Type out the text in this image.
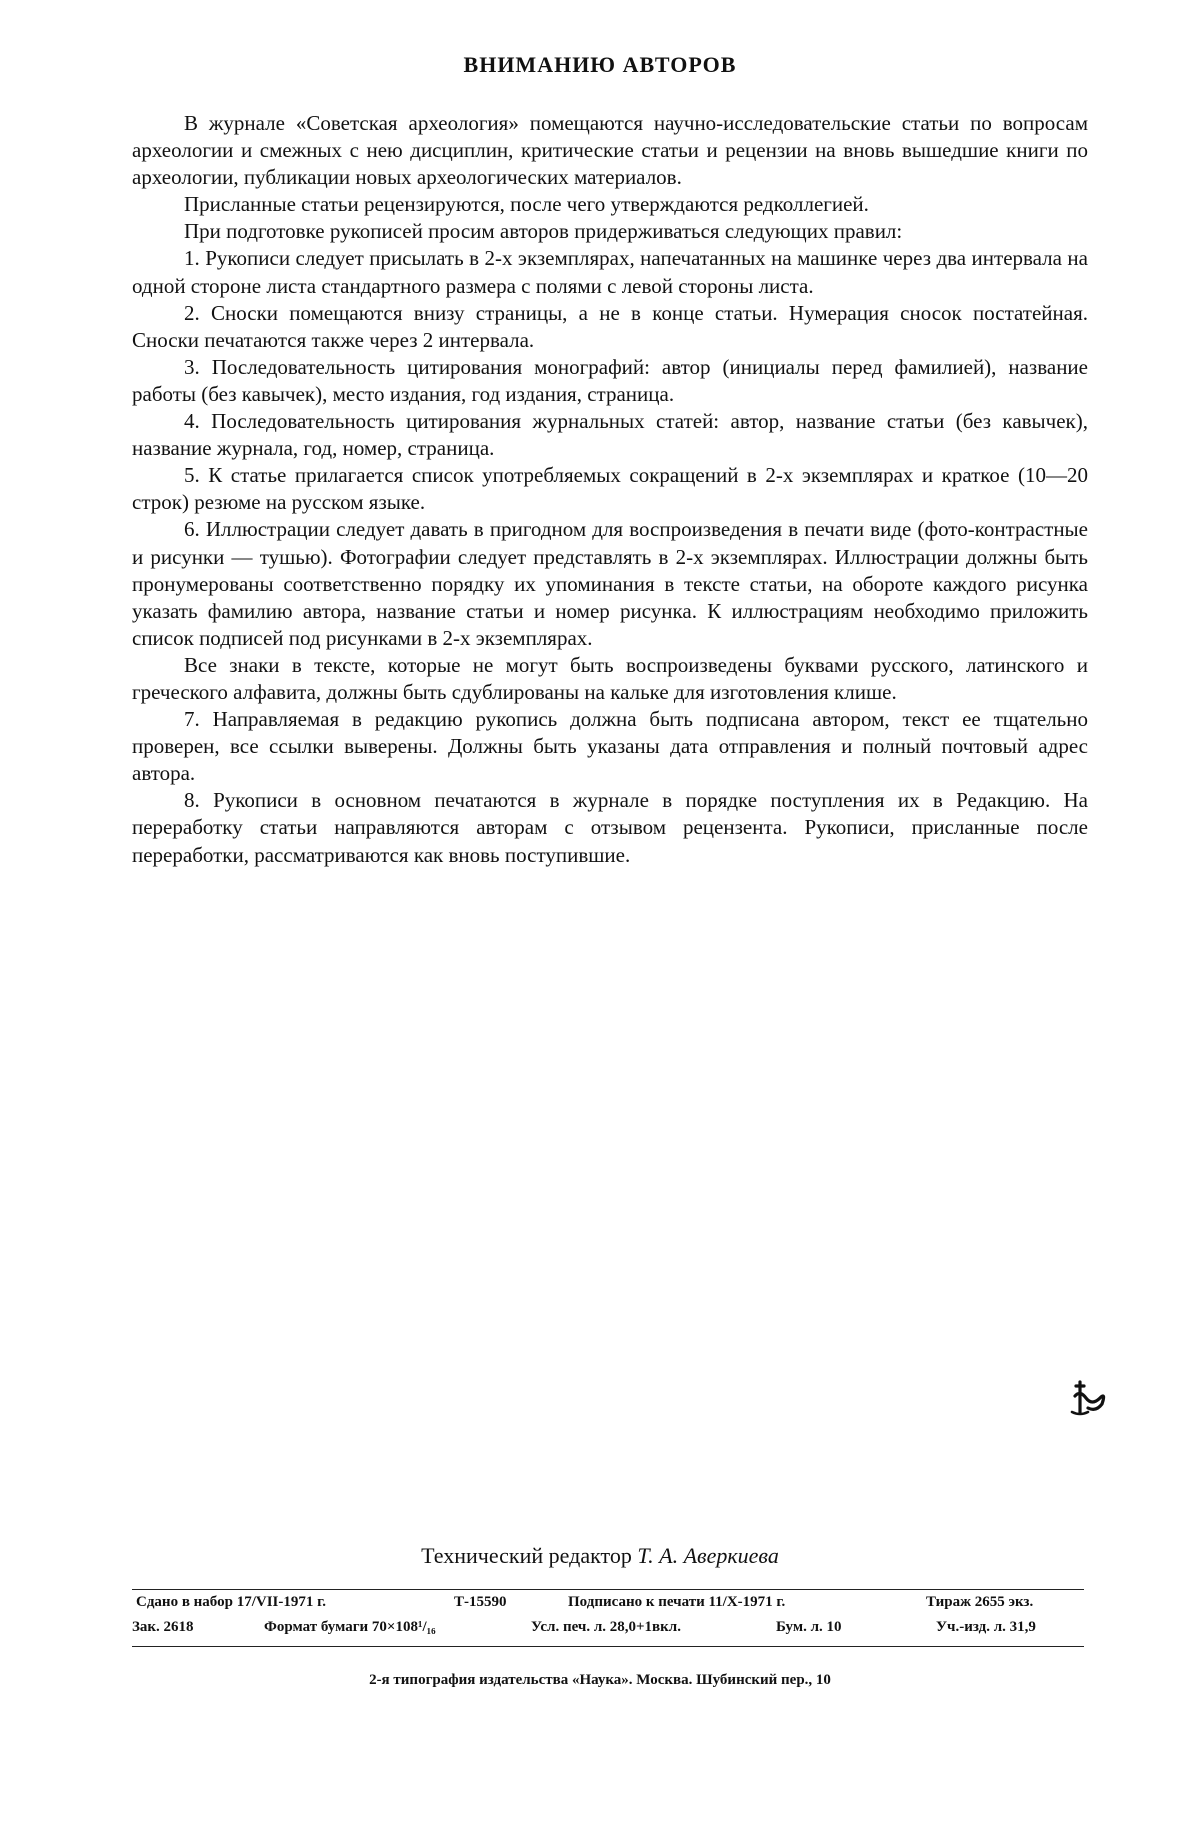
ВНИМАНИЮ АВТОРОВ

В журнале «Советская археология» помещаются научно-исследовательские статьи по вопросам археологии и смежных с нею дисциплин, критические статьи и рецензии на вновь вышедшие книги по археологии, публикации новых археологических материалов.

Присланные статьи рецензируются, после чего утверждаются редколлегией.

При подготовке рукописей просим авторов придерживаться следующих правил:

1. Рукописи следует присылать в 2-х экземплярах, напечатанных на машинке через два интервала на одной стороне листа стандартного размера с полями с левой стороны листа.

2. Сноски помещаются внизу страницы, а не в конце статьи. Нумерация сносок постатейная. Сноски печатаются также через 2 интервала.

3. Последовательность цитирования монографий: автор (инициалы перед фамилией), название работы (без кавычек), место издания, год издания, страница.

4. Последовательность цитирования журнальных статей: автор, название статьи (без кавычек), название журнала, год, номер, страница.

5. К статье прилагается список употребляемых сокращений в 2-х экземплярах и краткое (10—20 строк) резюме на русском языке.

6. Иллюстрации следует давать в пригодном для воспроизведения в печати виде (фото-контрастные и рисунки — тушью). Фотографии следует представлять в 2-х экземплярах. Иллюстрации должны быть пронумерованы соответственно порядку их упоминания в тексте статьи, на обороте каждого рисунка указать фамилию автора, название статьи и номер рисунка. К иллюстрациям необходимо приложить список подписей под рисунками в 2-х экземплярах.

Все знаки в тексте, которые не могут быть воспроизведены буквами русского, латинского и греческого алфавита, должны быть сдублированы на кальке для изготовления клише.

7. Направляемая в редакцию рукопись должна быть подписана автором, текст ее тщательно проверен, все ссылки выверены. Должны быть указаны дата отправления и полный почтовый адрес автора.

8. Рукописи в основном печатаются в журнале в порядке поступления их в Редакцию. На переработку статьи направляются авторам с отзывом рецензента. Рукописи, присланные после переработки, рассматриваются как вновь поступившие.

Технический редактор Т. А. Аверкиева
Сдано в набор 17/VII-1971 г.	Т-15590	Подписано к печати 11/X-1971 г.	Тираж 2655 экз.
Зак. 2618	Формат бумаги 70×108¹/₁₆	Усл. печ. л. 28,0+1вкл.	Бум. л. 10	Уч.-изд. л. 31,9
2-я типография издательства «Наука». Москва. Шубинский пер., 10
